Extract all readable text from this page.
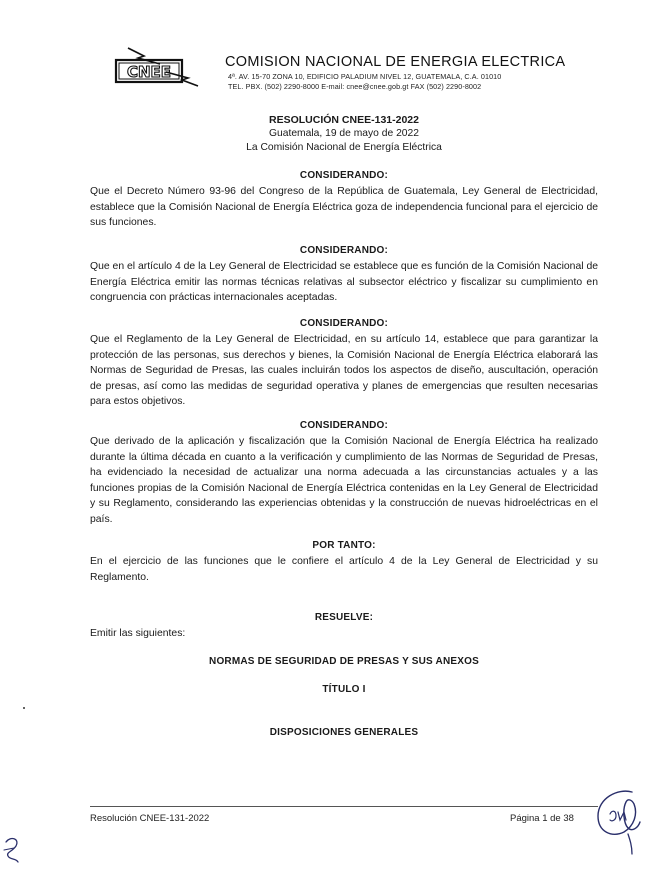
CNEE
COMISION NACIONAL DE ENERGIA ELECTRICA
4ª. AV. 15-70 ZONA 10, EDIFICIO PALADIUM NIVEL 12, GUATEMALA, C.A. 01010
TEL. PBX. (502) 2290-8000 E-mail: cnee@cnee.gob.gt FAX (502) 2290-8002
RESOLUCIÓN CNEE-131-2022
Guatemala, 19 de mayo de 2022
La Comisión Nacional de Energía Eléctrica
CONSIDERANDO:
Que el Decreto Número 93-96 del Congreso de la República de Guatemala, Ley General de Electricidad, establece que la Comisión Nacional de Energía Eléctrica goza de independencia funcional para el ejercicio de sus funciones.
CONSIDERANDO:
Que en el artículo 4 de la Ley General de Electricidad se establece que es función de la Comisión Nacional de Energía Eléctrica emitir las normas técnicas relativas al subsector eléctrico y fiscalizar su cumplimiento en congruencia con prácticas internacionales aceptadas.
CONSIDERANDO:
Que el Reglamento de la Ley General de Electricidad, en su artículo 14, establece que para garantizar la protección de las personas, sus derechos y bienes, la Comisión Nacional de Energía Eléctrica elaborará las Normas de Seguridad de Presas, las cuales incluirán todos los aspectos de diseño, auscultación, operación de presas, así como las medidas de seguridad operativa y planes de emergencias que resulten necesarias para estos objetivos.
CONSIDERANDO:
Que derivado de la aplicación y fiscalización que la Comisión Nacional de Energía Eléctrica ha realizado durante la última década en cuanto a la verificación y cumplimiento de las Normas de Seguridad de Presas, ha evidenciado la necesidad de actualizar una norma adecuada a las circunstancias actuales y a las funciones propias de la Comisión Nacional de Energía Eléctrica contenidas en la Ley General de Electricidad y su Reglamento, considerando las experiencias obtenidas y la construcción de nuevas hidroeléctricas en el país.
POR TANTO:
En el ejercicio de las funciones que le confiere el artículo 4 de la Ley General de Electricidad y su Reglamento.
RESUELVE:
Emitir las siguientes:
NORMAS DE SEGURIDAD DE PRESAS Y SUS ANEXOS
TÍTULO I
DISPOSICIONES GENERALES
Resolución CNEE-131-2022	Página 1 de 38
